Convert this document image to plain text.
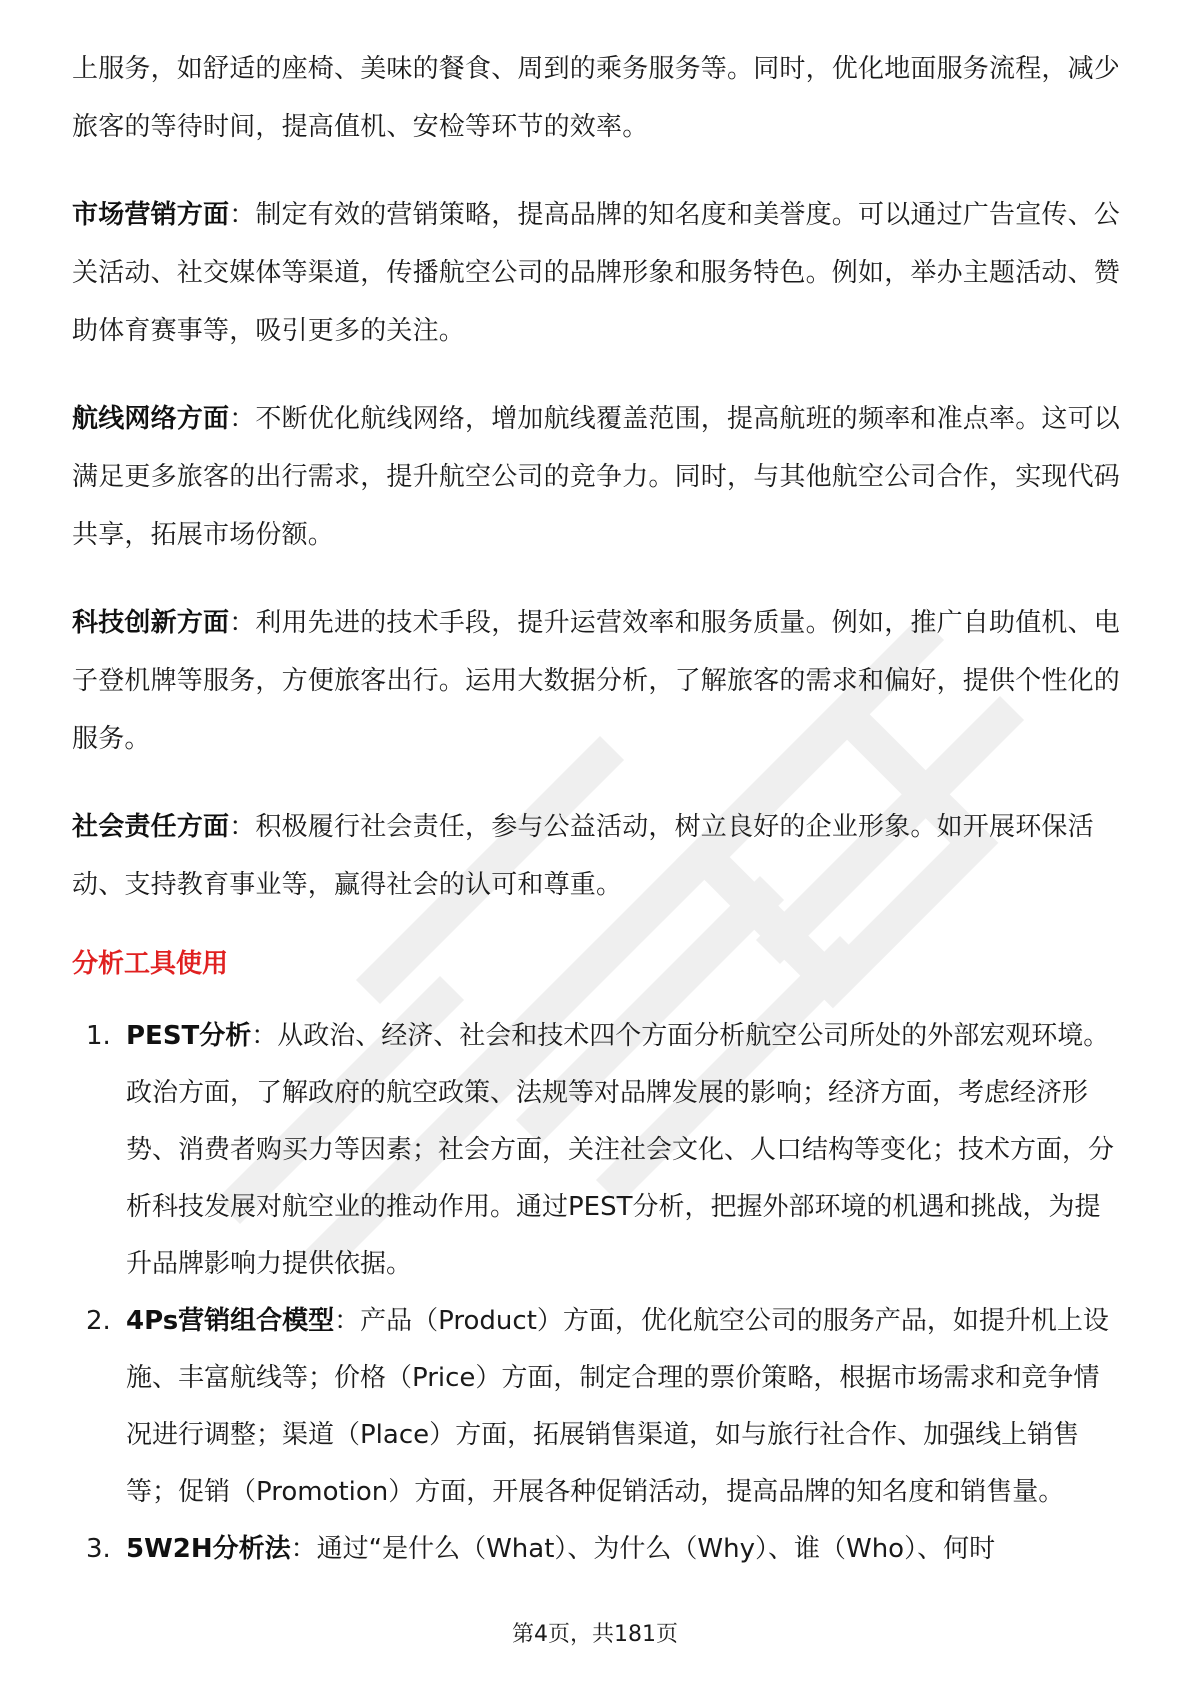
上服务，如舒适的座椅、美味的餐食、周到的乘务服务等。同时，优化地面服务流程，减少旅客的等待时间，提高值机、安检等环节的效率。

市场营销方面：制定有效的营销策略，提高品牌的知名度和美誉度。可以通过广告宣传、公关活动、社交媒体等渠道，传播航空公司的品牌形象和服务特色。例如，举办主题活动、赞助体育赛事等，吸引更多的关注。

航线网络方面：不断优化航线网络，增加航线覆盖范围，提高航班的频率和准点率。这可以满足更多旅客的出行需求，提升航空公司的竞争力。同时，与其他航空公司合作，实现代码共享，拓展市场份额。

科技创新方面：利用先进的技术手段，提升运营效率和服务质量。例如，推广自助值机、电子登机牌等服务，方便旅客出行。运用大数据分析，了解旅客的需求和偏好，提供个性化的服务。

社会责任方面：积极履行社会责任，参与公益活动，树立良好的企业形象。如开展环保活动、支持教育事业等，赢得社会的认可和尊重。

分析工具使用
1. PEST分析：从政治、经济、社会和技术四个方面分析航空公司所处的外部宏观环境。政治方面，了解政府的航空政策、法规等对品牌发展的影响；经济方面，考虑经济形势、消费者购买力等因素；社会方面，关注社会文化、人口结构等变化；技术方面，分析科技发展对航空业的推动作用。通过PEST分析，把握外部环境的机遇和挑战，为提升品牌影响力提供依据。
2. 4Ps营销组合模型：产品（Product）方面，优化航空公司的服务产品，如提升机上设施、丰富航线等；价格（Price）方面，制定合理的票价策略，根据市场需求和竞争情况进行调整；渠道（Place）方面，拓展销售渠道，如与旅行社合作、加强线上销售等；促销（Promotion）方面，开展各种促销活动，提高品牌的知名度和销售量。
3. 5W2H分析法：通过“是什么（What）、为什么（Why）、谁（Who）、何时
第4页，共181页
